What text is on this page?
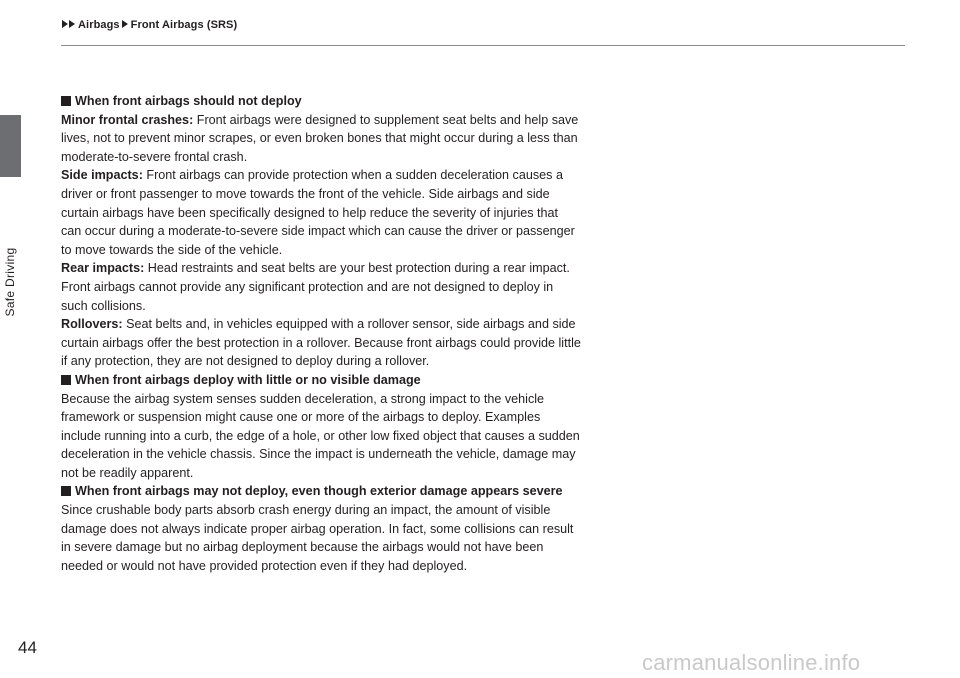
Airbags Front Airbags (SRS)
Safe Driving
When front airbags should not deploy

Minor frontal crashes: Front airbags were designed to supplement seat belts and help save lives, not to prevent minor scrapes, or even broken bones that might occur during a less than moderate-to-severe frontal crash.

Side impacts: Front airbags can provide protection when a sudden deceleration causes a driver or front passenger to move towards the front of the vehicle. Side airbags and side curtain airbags have been specifically designed to help reduce the severity of injuries that can occur during a moderate-to-severe side impact which can cause the driver or passenger to move towards the side of the vehicle.

Rear impacts: Head restraints and seat belts are your best protection during a rear impact. Front airbags cannot provide any significant protection and are not designed to deploy in such collisions.

Rollovers: Seat belts and, in vehicles equipped with a rollover sensor, side airbags and side curtain airbags offer the best protection in a rollover. Because front airbags could provide little if any protection, they are not designed to deploy during a rollover.

When front airbags deploy with little or no visible damage

Because the airbag system senses sudden deceleration, a strong impact to the vehicle framework or suspension might cause one or more of the airbags to deploy. Examples include running into a curb, the edge of a hole, or other low fixed object that causes a sudden deceleration in the vehicle chassis. Since the impact is underneath the vehicle, damage may not be readily apparent.

When front airbags may not deploy, even though exterior damage appears severe

Since crushable body parts absorb crash energy during an impact, the amount of visible damage does not always indicate proper airbag operation. In fact, some collisions can result in severe damage but no airbag deployment because the airbags would not have been needed or would not have provided protection even if they had deployed.

44
carmanualsonline.info
